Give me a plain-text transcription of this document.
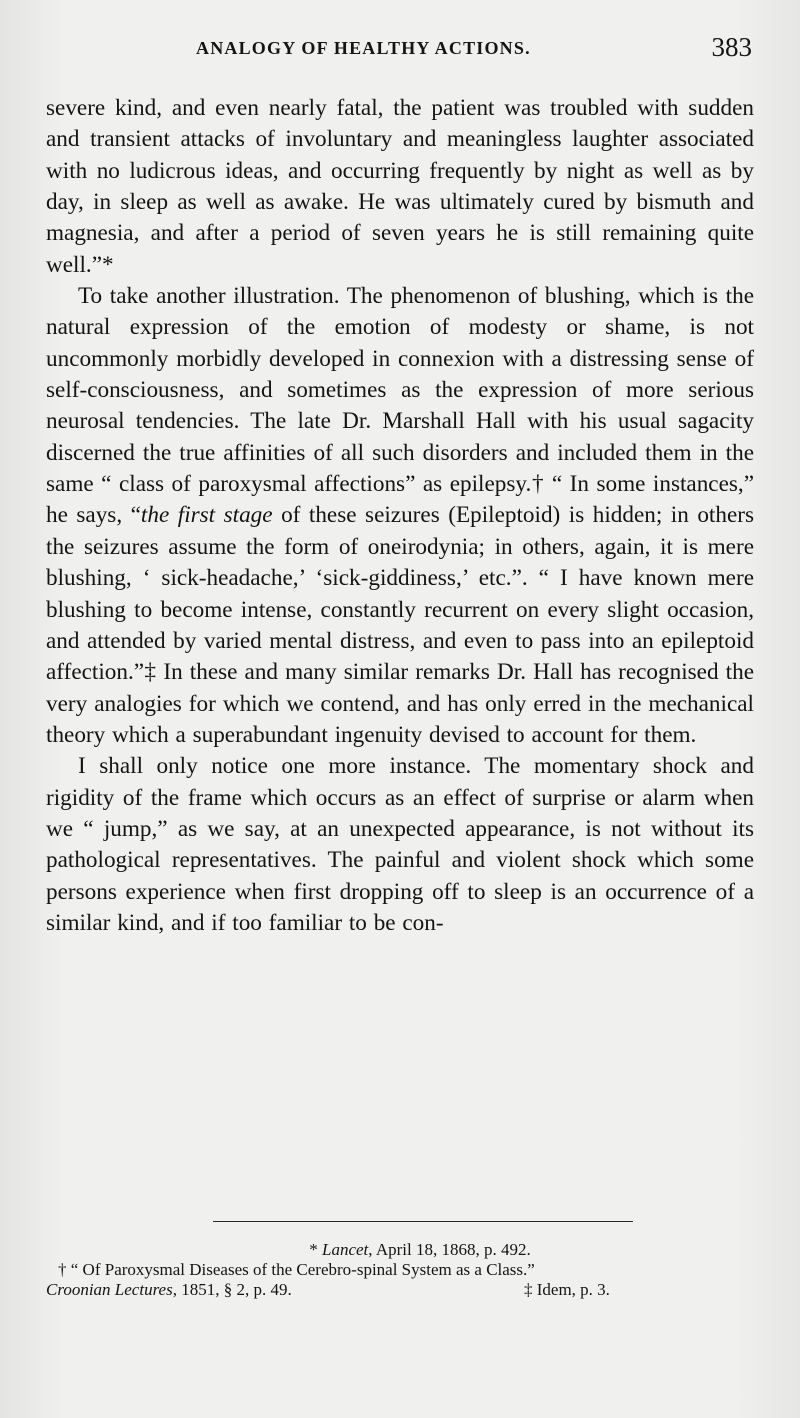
ANALOGY OF HEALTHY ACTIONS.	383

severe kind, and even nearly fatal, the patient was troubled with sudden and transient attacks of involuntary and meaningless laughter associated with no ludicrous ideas, and occurring frequently by night as well as by day, in sleep as well as awake. He was ultimately cured by bismuth and magnesia, and after a period of seven years he is still remaining quite well.”*

To take another illustration. The phenomenon of blushing, which is the natural expression of the emotion of modesty or shame, is not uncommonly morbidly developed in connexion with a distressing sense of self-consciousness, and sometimes as the expression of more serious neurosal tendencies. The late Dr. Marshall Hall with his usual sagacity discerned the true affinities of all such disorders and included them in the same “ class of paroxysmal affections” as epilepsy.† “ In some instances,” he says, “the first stage of these seizures (Epileptoid) is hidden; in others the seizures assume the form of oneirodynia; in others, again, it is mere blushing, ‘ sick-headache,’ ‘sick-giddiness,’ etc.”. “ I have known mere blushing to become intense, constantly recurrent on every slight occasion, and attended by varied mental distress, and even to pass into an epileptoid affection.”‡ In these and many similar remarks Dr. Hall has recognised the very analogies for which we contend, and has only erred in the mechanical theory which a superabundant ingenuity devised to account for them.

I shall only notice one more instance. The momentary shock and rigidity of the frame which occurs as an effect of surprise or alarm when we “ jump,” as we say, at an unexpected appearance, is not without its pathological representatives. The painful and violent shock which some persons experience when first dropping off to sleep is an occurrence of a similar kind, and if too familiar to be con-

* Lancet, April 18, 1868, p. 492.
† “ Of Paroxysmal Diseases of the Cerebro-spinal System as a Class.”
Croonian Lectures, 1851, § 2, p. 49.	‡ Idem, p. 3.
